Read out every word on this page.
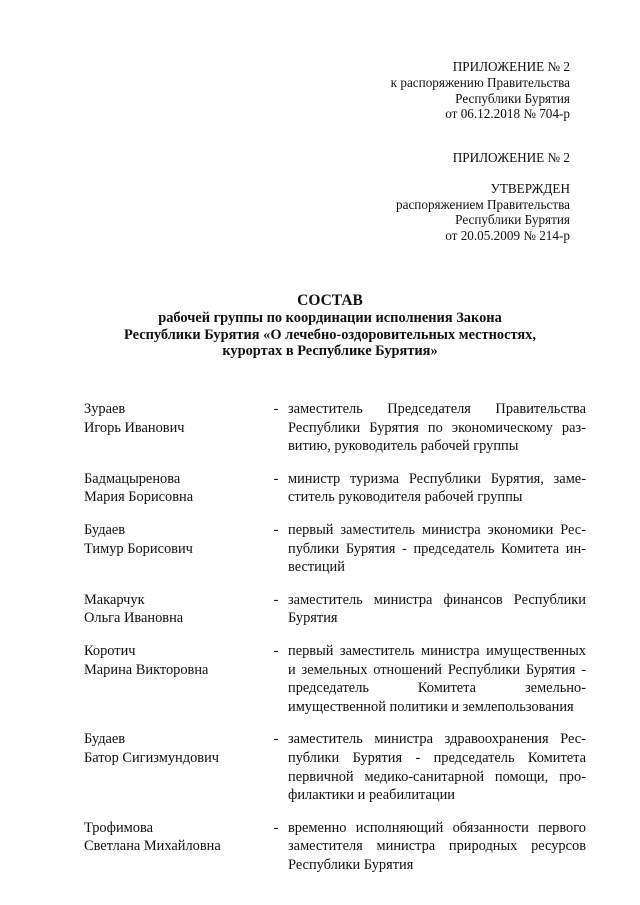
ПРИЛОЖЕНИЕ № 2
к распоряжению Правительства
Республики Бурятия
от 06.12.2018 № 704-р
ПРИЛОЖЕНИЕ № 2
УТВЕРЖДЕН
распоряжением Правительства
Республики Бурятия
от 20.05.2009 № 214-р
СОСТАВ
рабочей группы по координации исполнения Закона
Республики Бурятия «О лечебно-оздоровительных местностях,
курортах в Республике Бурятия»
Зураев
Игорь Иванович
- заместитель Председателя Правительства Республики Бурятия по экономическому развитию, руководитель рабочей группы
Бадмацыренова
Мария Борисовна
- министр туризма Республики Бурятия, заместитель руководителя рабочей группы
Будаев
Тимур Борисович
- первый заместитель министра экономики Республики Бурятия - председатель Комитета инвестиций
Макарчук
Ольга Ивановна
- заместитель министра финансов Республики Бурятия
Коротич
Марина Викторовна
- первый заместитель министра имущественных и земельных отношений Республики Бурятия - председатель Комитета земельно-имущественной политики и землепользования
Будаев
Батор Сигизмундович
- заместитель министра здравоохранения Республики Бурятия - председатель Комитета первичной медико-санитарной помощи, профилактики и реабилитации
Трофимова
Светлана Михайловна
- временно исполняющий обязанности первого заместителя министра природных ресурсов Республики Бурятия
